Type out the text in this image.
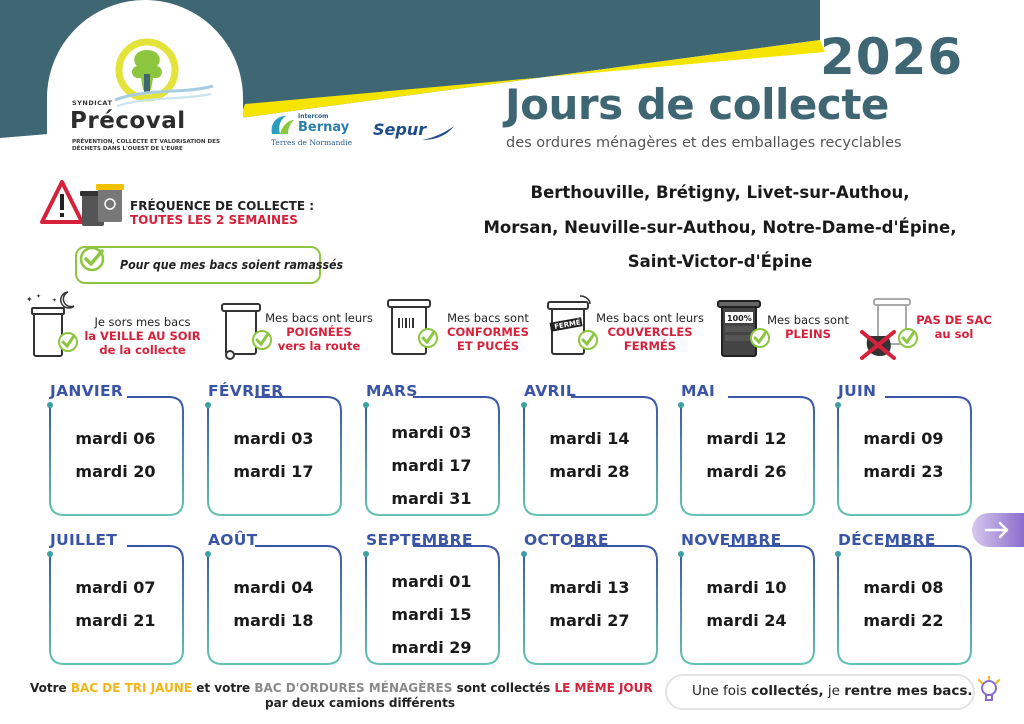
2026
Jours de collecte
des ordures ménagères et des emballages recyclables
SYNDICAT
Précoval
PRÉVENTION, COLLECTE ET VALORISATION DES DÉCHETS DANS L'OUEST DE L'EURE
Intercom
Bernay
Terres de Normandie
Sepur
FRÉQUENCE DE COLLECTE :
TOUTES LES 2 SEMAINES
Pour que mes bacs soient ramassés
Berthouville, Brétigny, Livet-sur-Authou,
Morsan, Neuville-sur-Authou, Notre-Dame-d'Épine,
Saint-Victor-d'Épine
✦ ✦
✦
Je sors mes bacs
la VEILLE AU SOIR
de la collecte
Mes bacs ont leurs
POIGNÉES
vers la route
Mes bacs sont
CONFORMES
ET PUCÉS
FERMÉ	Mes bacs ont leurs
COUVERCLES
FERMÉS
100%	Mes bacs sont
PLEINS
PAS DE SAC
au sol
JANVIER
mardi 06
mardi 20
FÉVRIER
mardi 03
mardi 17
MARS
mardi 03
mardi 17
mardi 31
AVRIL
mardi 14
mardi 28
MAI
mardi 12
mardi 26
JUIN
mardi 09
mardi 23
JUILLET
mardi 07
mardi 21
AOÛT
mardi 04
mardi 18
SEPTEMBRE
mardi 01
mardi 15
mardi 29
OCTOBRE
mardi 13
mardi 27
NOVEMBRE
mardi 10
mardi 24
DÉCEMBRE
mardi 08
mardi 22
Votre BAC DE TRI JAUNE et votre BAC D'ORDURES MÉNAGÈRES sont collectés LE MÊME JOUR
par deux camions différents
Une fois collectés, je rentre mes bacs.
